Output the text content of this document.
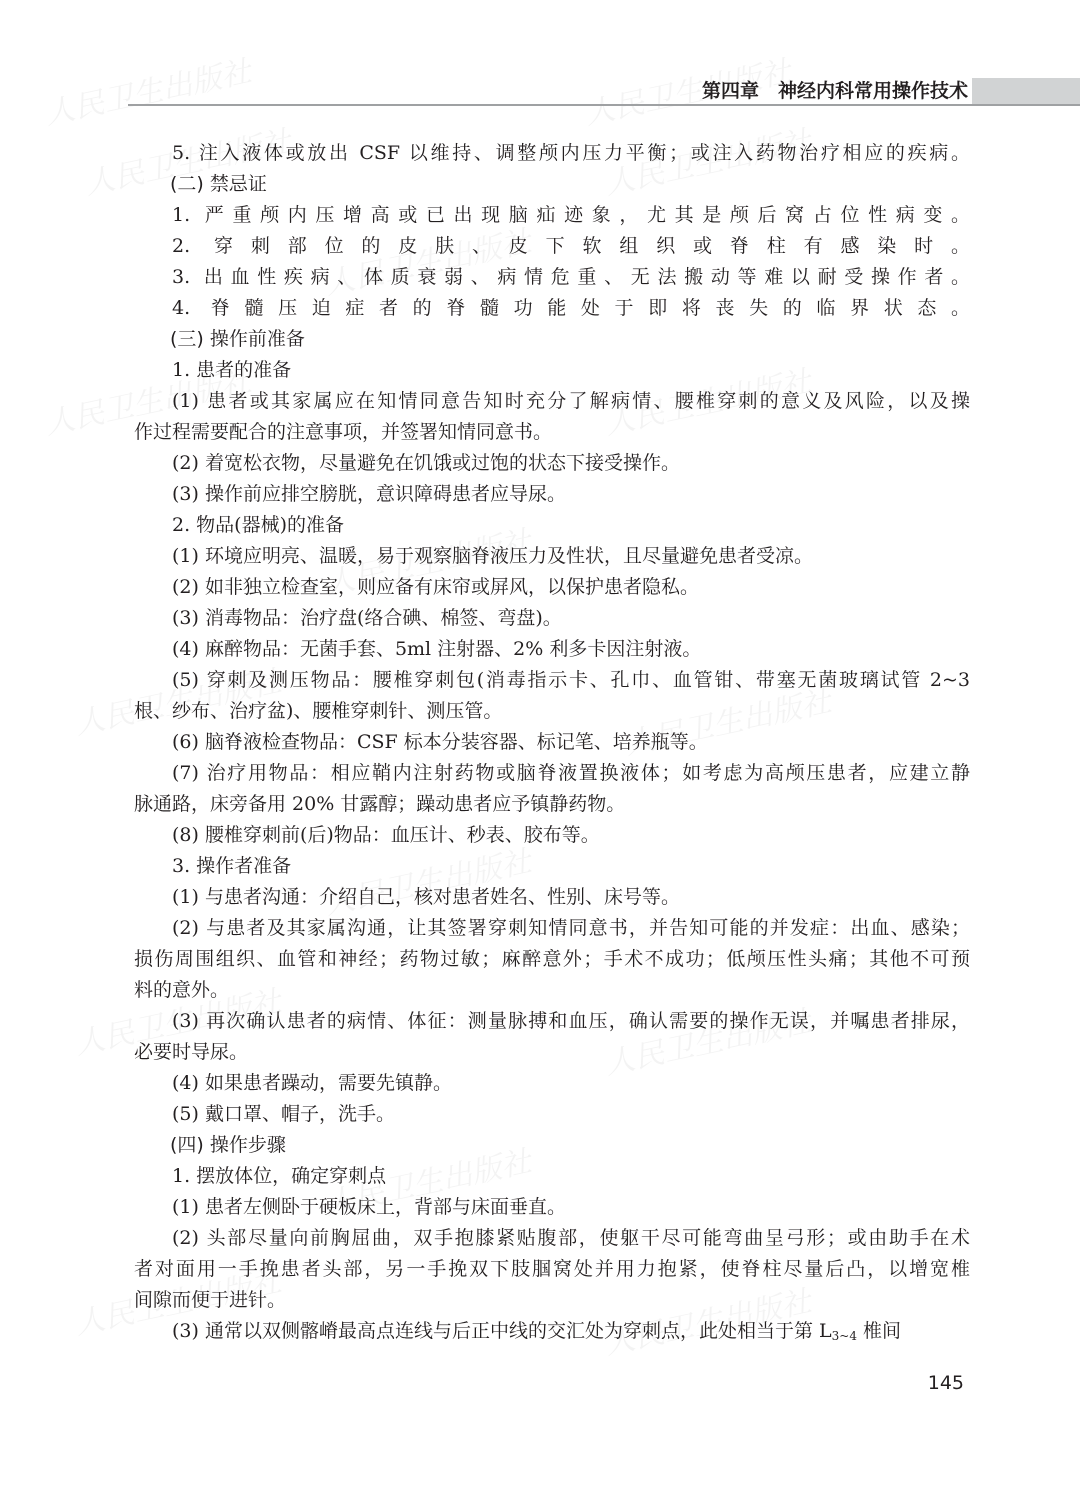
第四章　神经内科常用操作技术

5. 注入液体或放出 CSF 以维持、调整颅内压力平衡；或注入药物治疗相应的疾病。

(二) 禁忌证

1. 严重颅内压增高或已出现脑疝迹象，尤其是颅后窝占位性病变。

2. 穿刺部位的皮肤、皮下软组织或脊柱有感染时。

3. 出血性疾病、体质衰弱、病情危重、无法搬动等难以耐受操作者。

4. 脊髓压迫症者的脊髓功能处于即将丧失的临界状态。

(三) 操作前准备

1. 患者的准备

(1) 患者或其家属应在知情同意告知时充分了解病情、腰椎穿刺的意义及风险，以及操

作过程需要配合的注意事项，并签署知情同意书。

(2) 着宽松衣物，尽量避免在饥饿或过饱的状态下接受操作。

(3) 操作前应排空膀胱，意识障碍患者应导尿。

2. 物品(器械)的准备

(1) 环境应明亮、温暖，易于观察脑脊液压力及性状，且尽量避免患者受凉。

(2) 如非独立检查室，则应备有床帘或屏风，以保护患者隐私。

(3) 消毒物品：治疗盘(络合碘、棉签、弯盘)。

(4) 麻醉物品：无菌手套、5ml 注射器、2% 利多卡因注射液。

(5) 穿刺及测压物品：腰椎穿刺包(消毒指示卡、孔巾、血管钳、带塞无菌玻璃试管 2~3

根、纱布、治疗盆)、腰椎穿刺针、测压管。

(6) 脑脊液检查物品：CSF 标本分装容器、标记笔、培养瓶等。

(7) 治疗用物品：相应鞘内注射药物或脑脊液置换液体；如考虑为高颅压患者，应建立静

脉通路，床旁备用 20% 甘露醇；躁动患者应予镇静药物。

(8) 腰椎穿刺前(后)物品：血压计、秒表、胶布等。

3. 操作者准备

(1) 与患者沟通：介绍自己，核对患者姓名、性别、床号等。

(2) 与患者及其家属沟通，让其签署穿刺知情同意书，并告知可能的并发症：出血、感染；

损伤周围组织、血管和神经；药物过敏；麻醉意外；手术不成功；低颅压性头痛；其他不可预

料的意外。

(3) 再次确认患者的病情、体征：测量脉搏和血压，确认需要的操作无误，并嘱患者排尿，

必要时导尿。

(4) 如果患者躁动，需要先镇静。

(5) 戴口罩、帽子，洗手。

(四) 操作步骤

1. 摆放体位，确定穿刺点

(1) 患者左侧卧于硬板床上，背部与床面垂直。

(2) 头部尽量向前胸屈曲，双手抱膝紧贴腹部，使躯干尽可能弯曲呈弓形；或由助手在术

者对面用一手挽患者头部，另一手挽双下肢腘窝处并用力抱紧，使脊柱尽量后凸，以增宽椎

间隙而便于进针。

(3) 通常以双侧髂嵴最高点连线与后正中线的交汇处为穿刺点，此处相当于第 $L_{3\sim 4}$ 椎间

145
